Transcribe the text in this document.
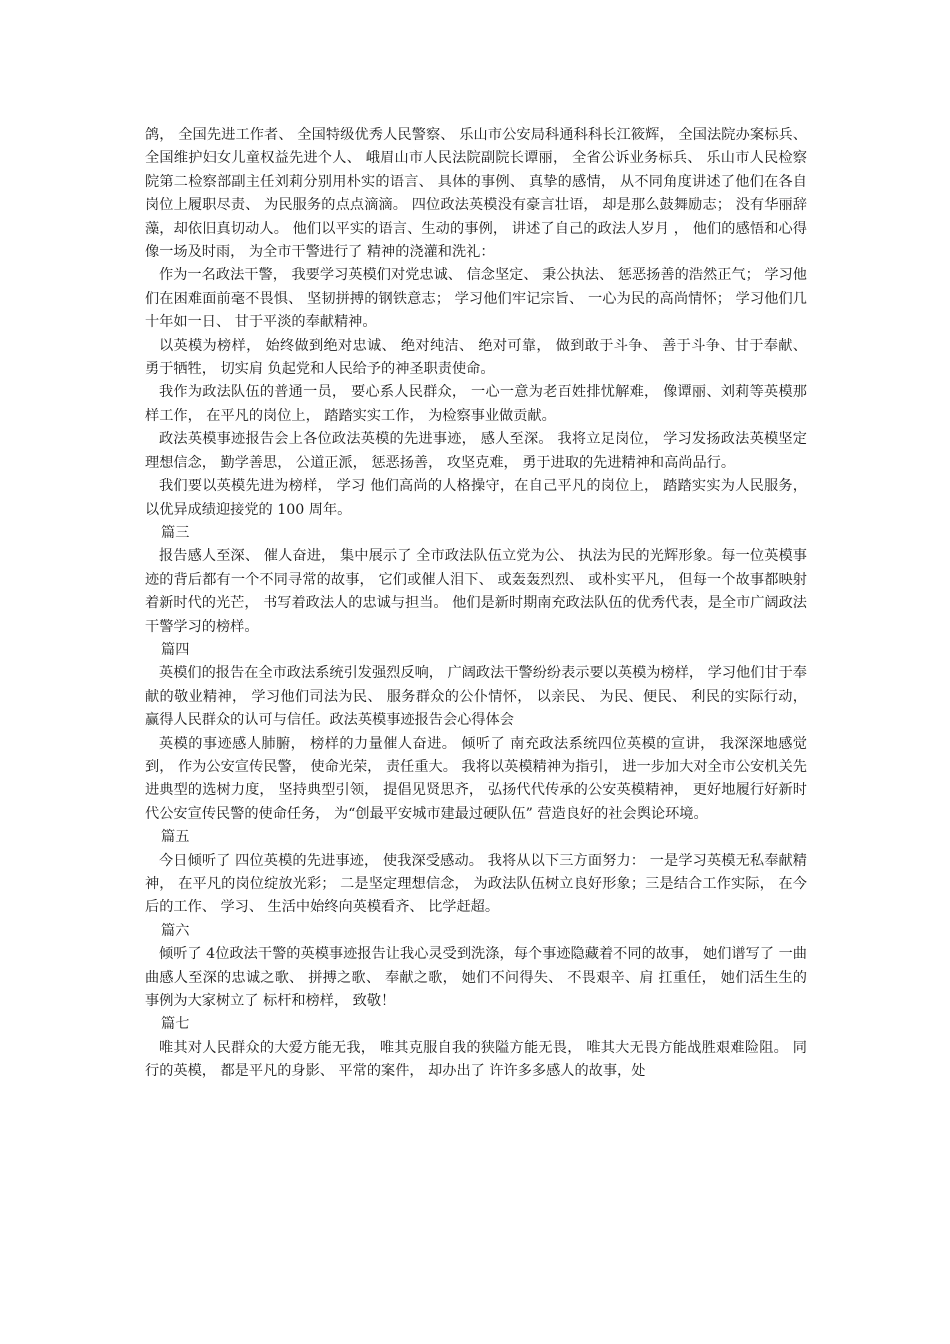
鸽， 全国先进工作者、 全国特级优秀人民警察、 乐山市公安局科通科科长江筱辉， 全国法院办案标兵、 全国维护妇女儿童权益先进个人、 峨眉山市人民法院副院长谭丽， 全省公诉业务标兵、 乐山市人民检察院第二检察部副主任刘莉分别用朴实的语言、 具体的事例、 真挚的感情， 从不同角度讲述了他们在各自岗位上履职尽责、 为民服务的点点滴滴。 四位政法英模没有豪言壮语， 却是那么鼓舞励志； 没有华丽辞藻，却依旧真切动人。 他们以平实的语言、生动的事例， 讲述了自己的政法人岁月 ， 他们的感悟和心得像一场及时雨， 为全市干警进行了 精神的浇灌和洗礼：

作为一名政法干警， 我要学习英模们对党忠诚、 信念坚定、 秉公执法、 惩恶扬善的浩然正气； 学习他们在困难面前毫不畏惧、 坚韧拼搏的钢铁意志； 学习他们牢记宗旨、 一心为民的高尚情怀； 学习他们几十年如一日、 甘于平淡的奉献精神。

以英模为榜样， 始终做到绝对忠诚、 绝对纯洁、 绝对可靠， 做到敢于斗争、 善于斗争、甘于奉献、 勇于牺牲， 切实肩 负起党和人民给予的神圣职责使命。

我作为政法队伍的普通一员， 要心系人民群众， 一心一意为老百姓排忧解难， 像谭丽、刘莉等英模那样工作， 在平凡的岗位上， 踏踏实实工作， 为检察事业做贡献。

政法英模事迹报告会上各位政法英模的先进事迹， 感人至深。 我将立足岗位， 学习发扬政法英模坚定理想信念， 勤学善思， 公道正派， 惩恶扬善， 攻坚克难， 勇于进取的先进精神和高尚品行。

我们要以英模先进为榜样， 学习 他们高尚的人格操守，在自己平凡的岗位上， 踏踏实实为人民服务， 以优异成绩迎接党的 100 周年。

篇三

报告感人至深、 催人奋进， 集中展示了 全市政法队伍立党为公、 执法为民的光辉形象。每一位英模事迹的背后都有一个不同寻常的故事， 它们或催人泪下、 或轰轰烈烈、 或朴实平凡， 但每一个故事都映射着新时代的光芒， 书写着政法人的忠诚与担当。 他们是新时期南充政法队伍的优秀代表，是全市广阔政法干警学习的榜样。

篇四

英模们的报告在全市政法系统引发强烈反响， 广阔政法干警纷纷表示要以英模为榜样， 学习他们甘于奉献的敬业精神， 学习他们司法为民、 服务群众的公仆情怀， 以亲民、 为民、便民、 利民的实际行动， 赢得人民群众的认可与信任。政法英模事迹报告会心得体会

英模的事迹感人肺腑， 榜样的力量催人奋进。 倾听了 南充政法系统四位英模的宣讲， 我深深地感觉到， 作为公安宣传民警， 使命光荣， 责任重大。 我将以英模精神为指引， 进一步加大对全市公安机关先进典型的选树力度， 坚持典型引领， 提倡见贤思齐， 弘扬代代传承的公安英模精神， 更好地履行好新时代公安宣传民警的使命任务， 为“创最平安城市建最过硬队伍” 营造良好的社会舆论环境。

篇五

今日倾听了 四位英模的先进事迹， 使我深受感动。 我将从以下三方面努力： 一是学习英模无私奉献精神， 在平凡的岗位绽放光彩； 二是坚定理想信念， 为政法队伍树立良好形象；三是结合工作实际， 在今后的工作、 学习、 生活中始终向英模看齐、 比学赶超。

篇六

倾听了 4位政法干警的英模事迹报告让我心灵受到洗涤，每个事迹隐藏着不同的故事， 她们谱写了 一曲曲感人至深的忠诚之歌、 拼搏之歌、 奉献之歌， 她们不问得失、 不畏艰辛、肩 扛重任， 她们活生生的事例为大家树立了 标杆和榜样， 致敬！

篇七

唯其对人民群众的大爱方能无我， 唯其克服自我的狭隘方能无畏， 唯其大无畏方能战胜艰难险阻。 同行的英模， 都是平凡的身影、 平常的案件， 却办出了 许许多多感人的故事，处
